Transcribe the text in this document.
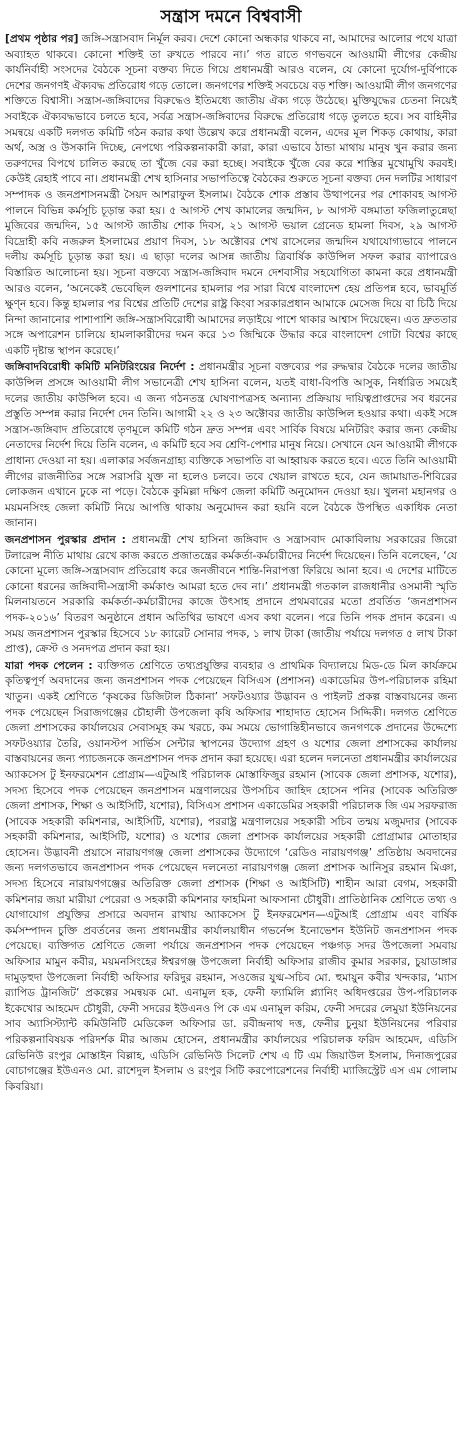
সন্ত্রাস দমনে বিশ্ববাসী

[প্রথম পৃষ্ঠার পর] জঙ্গি-সন্ত্রাসবাদ নির্মূল করব। দেশে কোনো অন্ধকার থাকবে না, আমাদের আলোর পথে যাত্রা অব্যাহত থাকবে। কোনো শক্তিই তা রুখতে পারবে না।’ গত রাতে গণভবনে আওয়ামী লীগের কেন্দ্রীয় কার্যনির্বাহী সংসদের বৈঠকে সূচনা বক্তব্য দিতে গিয়ে প্রধানমন্ত্রী আরও বলেন, যে কোনো দুর্যোগ-দুর্বিপাকে দেশের জনগণই ঐক্যবদ্ধ প্রতিরোধ গড়ে তোলে। জনগণের শক্তিই সবচেয়ে বড় শক্তি। আওয়ামী লীগ জনগণের শক্তিতে বিশ্বাসী। সন্ত্রাস-জঙ্গিবাদের বিরুদ্ধেও ইতিমধ্যে জাতীয় ঐক্য গড়ে উঠেছে। মুক্তিযুদ্ধের চেতনা নিয়েই সবাইকে ঐক্যবদ্ধভাবে চলতে হবে, সর্বত্র সন্ত্রাস-জঙ্গিবাদের বিরুদ্ধে প্রতিরোধ গড়ে তুলতে হবে। সব বাহিনীর সমন্বয়ে একটি দলগত কমিটি গঠন করার কথা উল্লেখ করে প্রধানমন্ত্রী বলেন, এদের মূল শিকড় কোথায়, কারা অর্থ, অস্ত্র ও উসকানি দিচ্ছে, নেপথ্যে পরিকল্পনাকারী কারা, কারা এভাবে ঠান্ডা মাথায় মানুষ খুন করার জন্য তরুণদের বিপথে চালিত করছে তা খুঁজে বের করা হচ্ছে। সবাইকে খুঁজে বের করে শাস্তির মুখোমুখি করবই। কেউই রেহাই পাবে না। প্রধানমন্ত্রী শেখ হাসিনার সভাপতিত্বে বৈঠকের শুরুতে সূচনা বক্তব্য দেন দলটির সাধারণ সম্পাদক ও জনপ্রশাসনমন্ত্রী সৈয়দ আশরাফুল ইসলাম। বৈঠকে শোক প্রস্তাব উত্থাপনের পর শোকাবহ আগস্ট পালনে বিভিন্ন কর্মসূচি চূড়ান্ত করা হয়। ৫ আগস্ট শেখ কামালের জন্মদিন, ৮ আগস্ট বঙ্গমাতা ফজিলাতুন্নেছা মুজিবের জন্মদিন, ১৫ আগস্ট জাতীয় শোক দিবস, ২১ আগস্ট ভয়াল গ্রেনেড হামলা দিবস, ২৯ আগস্ট বিদ্রোহী কবি নজরুল ইসলামের প্রয়াণ দিবস, ১৮ অক্টোবর শেখ রাসেলের জন্মদিন যথাযোগ্যভাবে পালনে দলীয় কর্মসূচি চূড়ান্ত করা হয়। এ ছাড়া দলের আসন্ন জাতীয় ত্রিবার্ষিক কাউন্সিল সফল করার ব্যাপারেও বিস্তারিত আলোচনা হয়। সূচনা বক্তব্যে সন্ত্রাস-জঙ্গিবাদ দমনে দেশবাসীর সহযোগিতা কামনা করে প্রধানমন্ত্রী আরও বলেন, ‘অনেকেই ভেবেছিল গুলশানের হামলার পর সারা বিশ্বে বাংলাদেশ হেয় প্রতিপন্ন হবে, ভাবমূর্তি ক্ষুণ্ন হবে। কিন্তু হামলার পর বিশ্বের প্রতিটি দেশের রাষ্ট্র কিংবা সরকারপ্রধান আমাকে মেসেজ দিয়ে বা চিঠি দিয়ে নিন্দা জানানোর পাশাপাশি জঙ্গি-সন্ত্রাসবিরোধী আমাদের লড়াইয়ে পাশে থাকার আশ্বাস দিয়েছেন। এত দ্রুততার সঙ্গে অপারেশন চালিয়ে হামলাকারীদের দমন করে ১৩ জিম্মিকে উদ্ধার করে বাংলাদেশ গোটা বিশ্বের কাছে একটি দৃষ্টান্ত স্থাপন করেছে।’

জঙ্গিবাদবিরোধী কমিটি মনিটরিংয়ের নির্দেশ : প্রধানমন্ত্রীর সূচনা বক্তব্যের পর রুদ্ধদ্বার বৈঠকে দলের জাতীয় কাউন্সিল প্রসঙ্গে আওয়ামী লীগ সভানেত্রী শেখ হাসিনা বলেন, যতই বাধা-বিপত্তি আসুক, নির্ধারিত সময়েই দলের জাতীয় কাউন্সিল হবে। এ জন্য গঠনতন্ত্র ঘোষণাপত্রসহ অন্যান্য প্রক্রিয়ায় দায়িত্বপ্রাপ্তদের সব ধরনের প্রস্তুতি সম্পন্ন করার নির্দেশ দেন তিনি। আগামী ২২ ও ২৩ অক্টোবর জাতীয় কাউন্সিল হওয়ার কথা। একই সঙ্গে সন্ত্রাস-জঙ্গিবাদ প্রতিরোধে তৃণমূলে কমিটি গঠন দ্রুত সম্পন্ন এবং সার্বিক বিষয়ে মনিটরিং করার জন্য কেন্দ্রীয় নেতাদের নির্দেশ দিয়ে তিনি বলেন, এ কমিটি হবে সব শ্রেণি-পেশার মানুষ নিয়ে। সেখানে যেন আওয়ামী লীগকে প্রাধান্য দেওয়া না হয়। এলাকার সর্বজনগ্রাহ্য ব্যক্তিকে সভাপতি বা আহ্বায়ক করতে হবে। এতে তিনি আওয়ামী লীগের রাজনীতির সঙ্গে সরাসরি যুক্ত না হলেও চলবে। তবে খেয়াল রাখতে হবে, যেন জামায়াত-শিবিরের লোকজন এখানে ঢুকে না পড়ে। বৈঠকে কুমিল্লা দক্ষিণ জেলা কমিটি অনুমোদন দেওয়া হয়। খুলনা মহানগর ও ময়মনসিংহ জেলা কমিটি নিয়ে আপত্তি থাকায় অনুমোদন করা হয়নি বলে বৈঠকে উপস্থিত একাধিক নেতা জানান।

জনপ্রশাসন পুরস্কার প্রদান : প্রধানমন্ত্রী শেখ হাসিনা জঙ্গিবাদ ও সন্ত্রাসবাদ মোকাবিলায় সরকারের জিরো টলারেন্স নীতি মাথায় রেখে কাজ করতে প্রজাতন্ত্রের কর্মকর্তা-কর্মচারীদের নির্দেশ দিয়েছেন। তিনি বলেছেন, ‘যে কোনো মূল্যে জঙ্গি-সন্ত্রাসবাদ প্রতিরোধ করে জনজীবনে শান্তি-নিরাপত্তা ফিরিয়ে আনা হবে। এ দেশের মাটিতে কোনো ধরনের জঙ্গিবাদী-সন্ত্রাসী কর্মকাণ্ড আমরা হতে দেব না।’ প্রধানমন্ত্রী গতকাল রাজধানীর ওসমানী স্মৃতি মিলনায়তনে সরকারি কর্মকর্তা-কর্মচারীদের কাজে উৎসাহ প্রদানে প্রথমবারের মতো প্রবর্তিত ‘জনপ্রশাসন পদক-২০১৬’ বিতরণ অনুষ্ঠানে প্রধান অতিথির ভাষণে এসব কথা বলেন। পরে তিনি পদক প্রদান করেন। এ সময় জনপ্রশাসন পুরস্কার হিসেবে ১৮ ক্যারেট সোনার পদক, ১ লাখ টাকা (জাতীয় পর্যায়ে দলগত ৫ লাখ টাকা প্রাপ্ত), ক্রেস্ট ও সনদপত্র প্রদান করা হয়।

যারা পদক পেলেন : ব্যক্তিগত শ্রেণিতে তথ্যপ্রযুক্তির ব্যবহার ও প্রাথমিক বিদ্যালয়ে মিড-ডে মিল কার্যক্রমে কৃতিত্বপূর্ণ অবদানের জন্য জনপ্রশাসন পদক পেয়েছেন বিসিএস (প্রশাসন) একাডেমির উপ-পরিচালক রহিমা খাতুন। একই শ্রেণিতে ‘কৃষকের ডিজিটাল ঠিকানা’ সফটওয়্যার উদ্ভাবন ও পাইলট প্রকল্প বাস্তবায়নের জন্য পদক পেয়েছেন সিরাজগঞ্জের চৌহালী উপজেলা কৃষি অফিসার শাহাদাত হোসেন সিদ্দিকী। দলগত শ্রেণিতে জেলা প্রশাসকের কার্যালয়ের সেবাসমূহ কম খরচে, কম সময়ে ভোগান্তিহীনভাবে জনগণকে প্রদানের উদ্দেশ্যে সফটওয়্যার তৈরি, ওয়ানস্টপ সার্ভিস সেন্টার স্থাপনের উদ্যোগ গ্রহণ ও যশোর জেলা প্রশাসকের কার্যালয় বাস্তবায়নের জন্য প্যাচজনকে জনপ্রশাসন পদক প্রদান করা হয়েছে। এরা হলেন দলনেতা প্রধানমন্ত্রীর কার্যালয়ের অ্যাকসেস টু ইনফরমেশন প্রোগ্রাম—এটুআই পরিচালক মোস্তাফিজুর রহমান (সাবেক জেলা প্রশাসক, যশোর), সদস্য হিসেবে পদক পেয়েছেন জনপ্রশাসন মন্ত্রণালয়ের উপসচিব জাহিদ হোসেন পনির (সাবেক অতিরিক্ত জেলা প্রশাসক, শিক্ষা ও আইসিটি, যশোর), বিসিএস প্রশাসন একাডেমির সহকারী পরিচালক জি এম সরফরাজ (সাবেক সহকারী কমিশনার, আইসিটি, যশোর), পররাষ্ট্র মন্ত্রণালয়ের সহকারী সচিব তন্ময় মজুমদার (সাবেক সহকারী কমিশনার, আইসিটি, যশোর) ও যশোর জেলা প্রশাসক কার্যালয়ের সহকারী প্রোগ্রামার মোতাহার হোসেন। উদ্ভাবনী প্রয়াসে নারায়ণগঞ্জ জেলা প্রশাসকের উদ্যোগে ‘রেডিও নারায়ণগঞ্জ’ প্রতিষ্ঠায় অবদানের জন্য দলগতভাবে জনপ্রশাসন পদক পেয়েছেন দলনেতা নারায়ণগঞ্জ জেলা প্রশাসক আনিসুর রহমান মিঞা, সদস্য হিসেবে নারায়ণগঞ্জের অতিরিক্ত জেলা প্রশাসক (শিক্ষা ও আইসিটি) শাহীন আরা বেগম, সহকারী কমিশনার জয়া মারীয়া পেরেরা ও সহকারী কমিশনার ফাহমিনা আফসানা চৌধুরী। প্রাতিষ্ঠানিক শ্রেণিতে তথ্য ও যোগাযোগ প্রযুক্তির প্রসারে অবদান রাখায় অ্যাকসেস টু ইনফরমেশন—এটুআই প্রোগ্রাম এবং বার্ষিক কর্মসম্পাদন চুক্তি প্রবর্তনের জন্য প্রধানমন্ত্রীর কার্যালয়াধীন গভর্নেন্স ইনোভেশন ইউনিট জনপ্রশাসন পদক পেয়েছে। ব্যক্তিগত শ্রেণিতে জেলা পর্যায়ে জনপ্রশাসন পদক পেয়েছেন পঞ্চগড় সদর উপজেলা সমবায় অফিসার মামুন কবীর, ময়মনসিংহের ঈশ্বরগঞ্জ উপজেলা নির্বাহী অফিসার রাজীব কুমার সরকার, চুয়াডাঙ্গার দামুড়হুদা উপজেলা নির্বাহী অফিসার ফরিদুর রহমান, সওজের যুগ্ম-সচিব মো. হুমায়ুন কবীর খন্দকার, ‘ম্যাস র‍্যাপিড ট্রানজিট’ প্রকল্পের সমন্বয়ক মো. এনামুল হক, ফেনী ফ্যামিলি প্ল্যানিং অধিদপ্তরের উপ-পরিচালক ইকেখোর আহমেদ চৌধুরী, ফেনী সদরের ইউএনও পি কে এম এনামুল করিম, ফেনী সদরের লেমুয়া ইউনিয়নের সাব অ্যাসিস্ট্যান্ট কমিউনিটি মেডিকেল অফিসার ডা. রবীন্দ্রনাথ দত্ত, ফেনীর চুনুয়া ইউনিয়নের পরিবার পরিকল্পনাবিষয়ক পরিদর্শক মীর আজম হোসেন, প্রধানমন্ত্রীর কার্যালয়ের পরিচালক ফরিদ আহমেদ, এডিসি রেভিনিউ রংপুর মোস্তাইন বিল্লাহ, এডিসি রেভিনিউ সিলেট শেখ এ টি এম জিয়াউল ইসলাম, দিনাজপুরের বোচাগঞ্জের ইউএনও মো. রাশেদুল ইসলাম ও রংপুর সিটি করপোরেশনের নির্বাহী ম্যাজিস্ট্রেট এস এম গোলাম কিবরিয়া।
